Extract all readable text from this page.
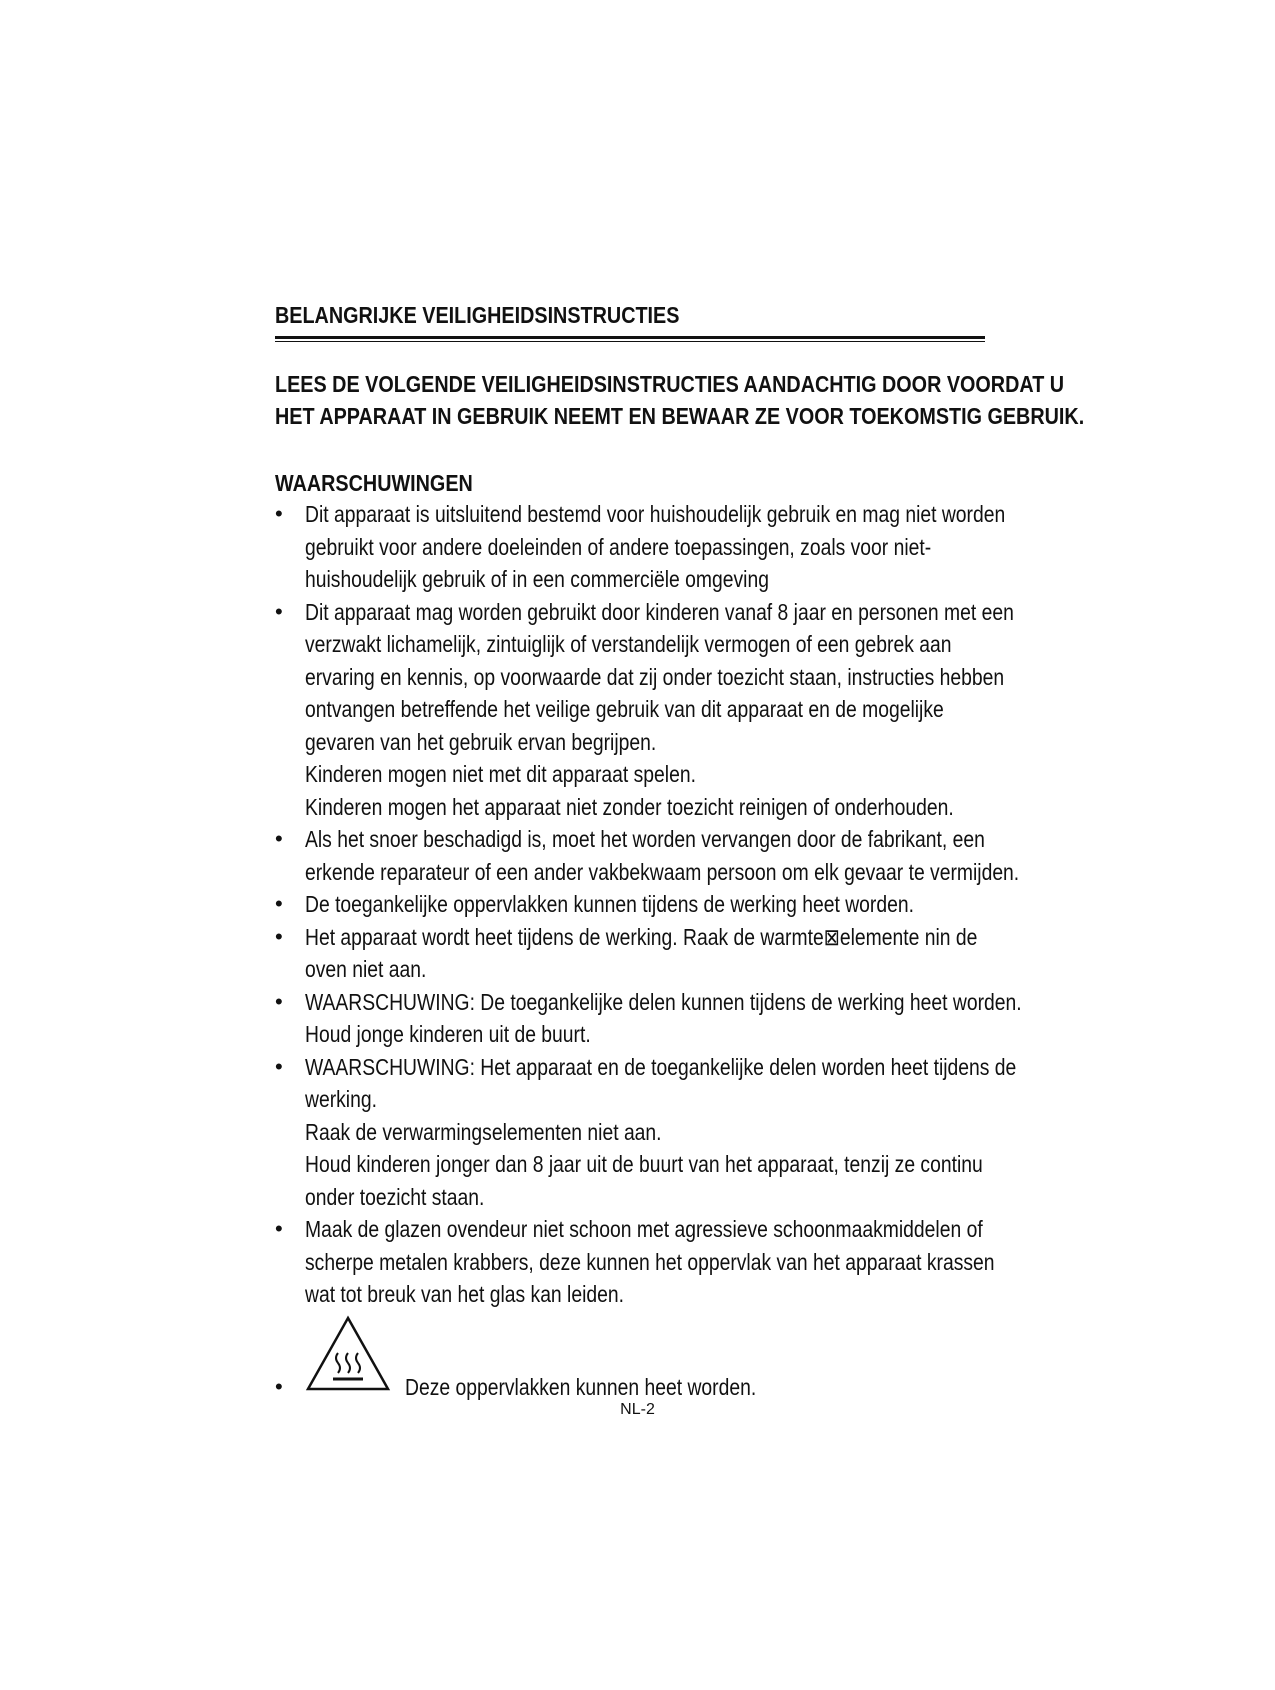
BELANGRIJKE VEILIGHEIDSINSTRUCTIES
LEES DE VOLGENDE VEILIGHEIDSINSTRUCTIES AANDACHTIG DOOR VOORDAT U
HET APPARAAT IN GEBRUIK NEEMT EN BEWAAR ZE VOOR TOEKOMSTIG GEBRUIK.
WAARSCHUWINGEN
• Dit apparaat is uitsluitend bestemd voor huishoudelijk gebruik en mag niet worden
gebruikt voor andere doeleinden of andere toepassingen, zoals voor niet-
huishoudelijk gebruik of in een commerciële omgeving
• Dit apparaat mag worden gebruikt door kinderen vanaf 8 jaar en personen met een
verzwakt lichamelijk, zintuiglijk of verstandelijk vermogen of een gebrek aan
ervaring en kennis, op voorwaarde dat zij onder toezicht staan, instructies hebben
ontvangen betreffende het veilige gebruik van dit apparaat en de mogelijke
gevaren van het gebruik ervan begrijpen.
Kinderen mogen niet met dit apparaat spelen.
Kinderen mogen het apparaat niet zonder toezicht reinigen of onderhouden.
• Als het snoer beschadigd is, moet het worden vervangen door de fabrikant, een
erkende reparateur of een ander vakbekwaam persoon om elk gevaar te vermijden.
• De toegankelijke oppervlakken kunnen tijdens de werking heet worden.
• Het apparaat wordt heet tijdens de werking. Raak de warmte⊠elemente nin de
oven niet aan.
• WAARSCHUWING: De toegankelijke delen kunnen tijdens de werking heet worden.
Houd jonge kinderen uit de buurt.
• WAARSCHUWING: Het apparaat en de toegankelijke delen worden heet tijdens de
werking.
Raak de verwarmingselementen niet aan.
Houd kinderen jonger dan 8 jaar uit de buurt van het apparaat, tenzij ze continu
onder toezicht staan.
• Maak de glazen ovendeur niet schoon met agressieve schoonmaakmiddelen of
scherpe metalen krabbers, deze kunnen het oppervlak van het apparaat krassen
wat tot breuk van het glas kan leiden.
•	Deze oppervlakken kunnen heet worden.
NL-2
